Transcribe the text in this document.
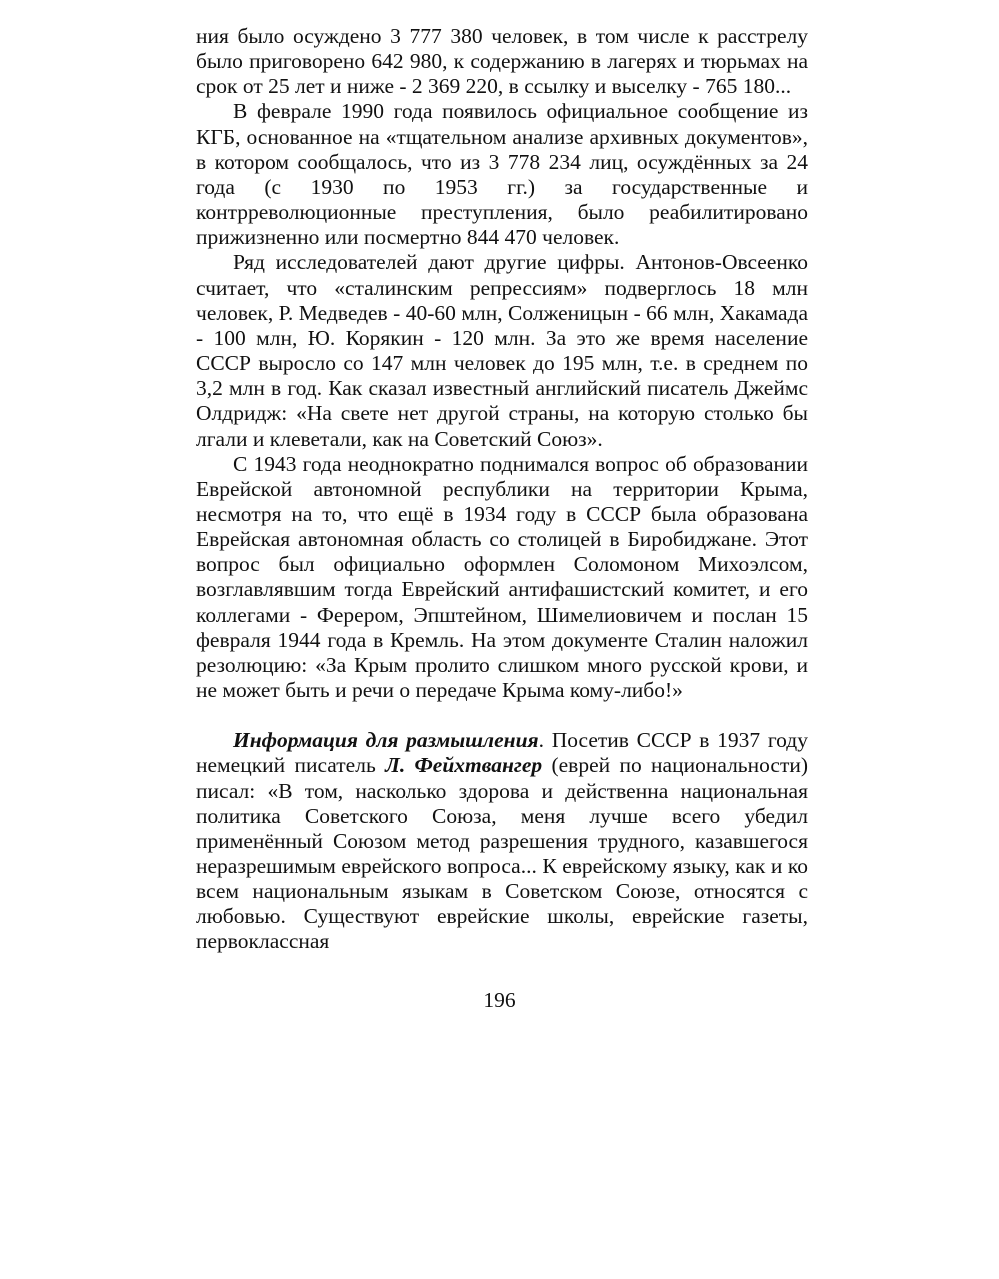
ния было осуждено 3 777 380 человек, в том числе к расстрелу было приговорено 642 980, к содержанию в лагерях и тюрьмах на срок от 25 лет и ниже - 2 369 220, в ссылку и выселку - 765 180...

В феврале 1990 года появилось официальное сообщение из КГБ, основанное на «тщательном анализе архивных документов», в котором сообщалось, что из 3 778 234 лиц, осуждённых за 24 года (с 1930 по 1953 гг.) за государственные и контрреволюционные преступления, было реабилитировано прижизненно или посмертно 844 470 человек.

Ряд исследователей дают другие цифры. Антонов-Овсеенко считает, что «сталинским репрессиям» подверглось 18 млн человек, Р. Медведев - 40-60 млн, Солженицын - 66 млн, Хакамада - 100 млн, Ю. Корякин - 120 млн. За это же время население СССР выросло со 147 млн человек до 195 млн, т.е. в среднем по 3,2 млн в год. Как сказал известный английский писатель Джеймс Олдридж: «На свете нет другой страны, на которую столько бы лгали и клеветали, как на Советский Союз».

С 1943 года неоднократно поднимался вопрос об образовании Еврейской автономной республики на территории Крыма, несмотря на то, что ещё в 1934 году в СССР была образована Еврейская автономная область со столицей в Биробиджане. Этот вопрос был официально оформлен Соломоном Михоэлсом, возглавлявшим тогда Еврейский антифашистский комитет, и его коллегами - Ферером, Эпштейном, Шимелиовичем и послан 15 февраля 1944 года в Кремль. На этом документе Сталин наложил резолюцию: «За Крым пролито слишком много русской крови, и не может быть и речи о передаче Крыма кому-либо!»

Информация для размышления. Посетив СССР в 1937 году немецкий писатель Л. Фейхтвангер (еврей по национальности) писал: «В том, насколько здорова и действенна национальная политика Советского Союза, меня лучше всего убедил применённый Союзом метод разрешения трудного, казавшегося неразрешимым еврейского вопроса... К еврейскому языку, как и ко всем национальным языкам в Советском Союзе, относятся с любовью. Существуют еврейские школы, еврейские газеты, первоклассная

196
